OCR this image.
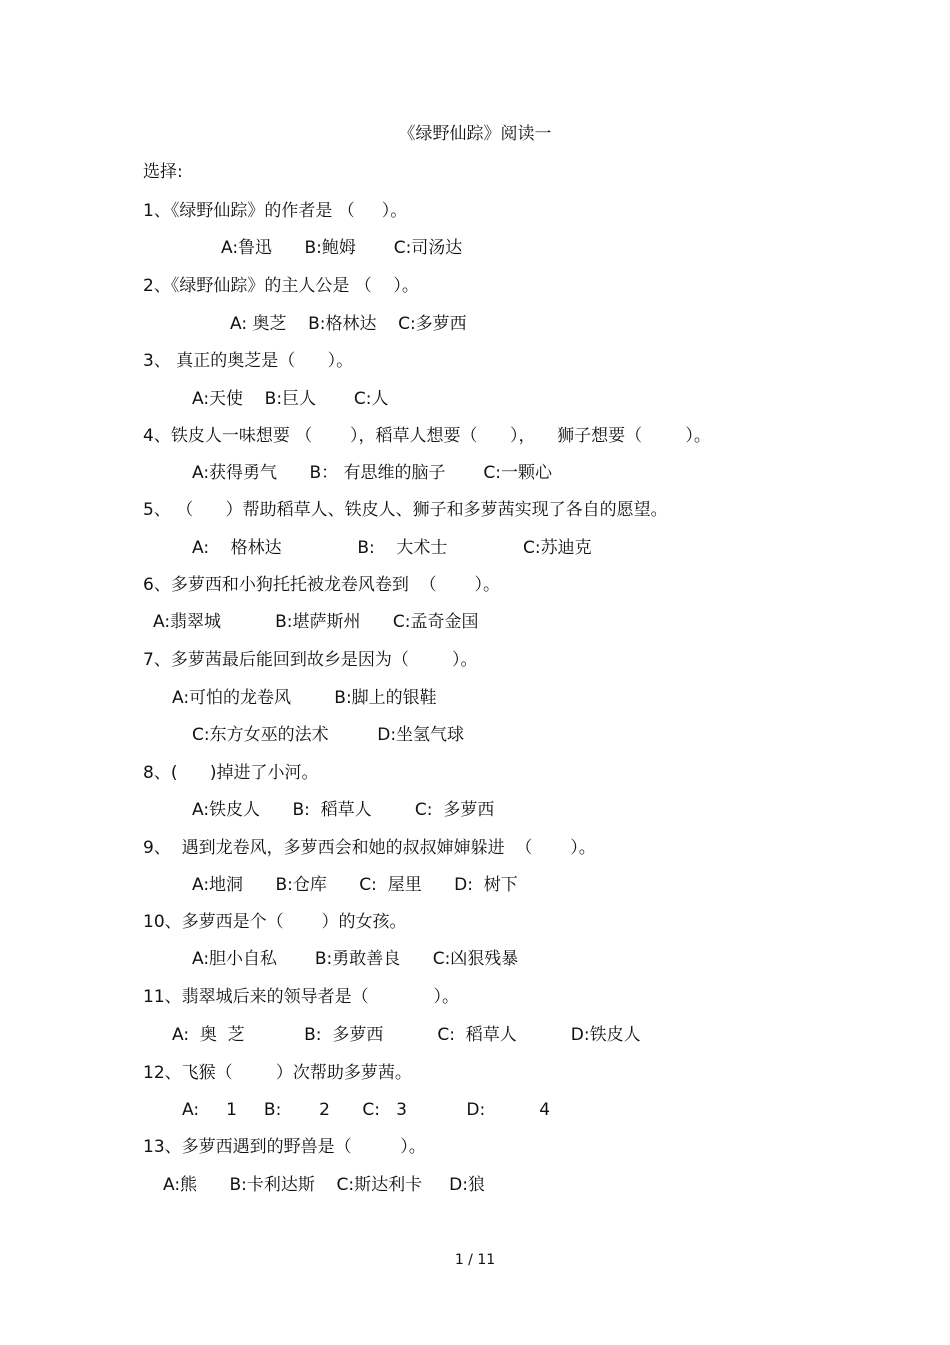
《绿野仙踪》阅读一
选择:
1、《绿野仙踪》的作者是 （     ）。
A:鲁迅      B:鲍姆       C:司汤达
2、《绿野仙踪》的主人公是 （    ）。
A: 奥芝    B:格林达    C:多萝西
3、 真正的奥芝是（      ）。
A:天使    B:巨人       C:人
4、铁皮人一味想要 （       ），稻草人想要（      ），    狮子想要（        ）。
A:获得勇气      B： 有思维的脑子       C:一颗心
5、 （      ）帮助稻草人、铁皮人、狮子和多萝茜实现了各自的愿望。
A:    格林达              B:    大术士              C:苏迪克
6、多萝西和小狗托托被龙卷风卷到  （       ）。
A:翡翠城          B:堪萨斯州      C:孟奇金国
7、多萝茜最后能回到故乡是因为（        ）。
A:可怕的龙卷风        B:脚上的银鞋
C:东方女巫的法术         D:坐氢气球
8、(      )掉进了小河。
A:铁皮人      B:  稻草人        C:  多萝西
9、  遇到龙卷风，多萝西会和她的叔叔婶婶躲进  （       ）。
A:地洞      B:仓库      C:  屋里      D:  树下
10、多萝西是个（       ）的女孩。
A:胆小自私       B:勇敢善良      C:凶狠残暴
11、翡翠城后来的领导者是（            ）。
A:  奥  芝           B:  多萝西          C:  稻草人          D:铁皮人
12、飞猴（        ）次帮助多萝茜。
A:     1     B:       2      C:   3           D:          4
13、多萝西遇到的野兽是（         ）。
A:熊      B:卡利达斯    C:斯达利卡     D:狼
1 / 11
